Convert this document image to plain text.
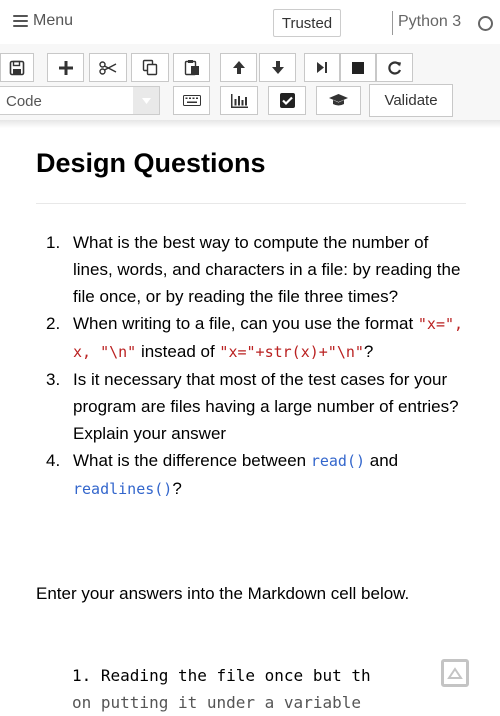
Menu	Trusted	Python 3
Code	Validate
Design Questions
1. What is the best way to compute the number of lines, words, and characters in a file: by reading the file once, or by reading the file three times?
2. When writing to a file, can you use the format "x=", x, "\n" instead of "x="+str(x)+"\n"?
3. Is it necessary that most of the test cases for your program are files having a large number of entries? Explain your answer
4. What is the difference between read() and readlines()?

Enter your answers into the Markdown cell below.

1. Reading the file once but th
on putting it under a variable
